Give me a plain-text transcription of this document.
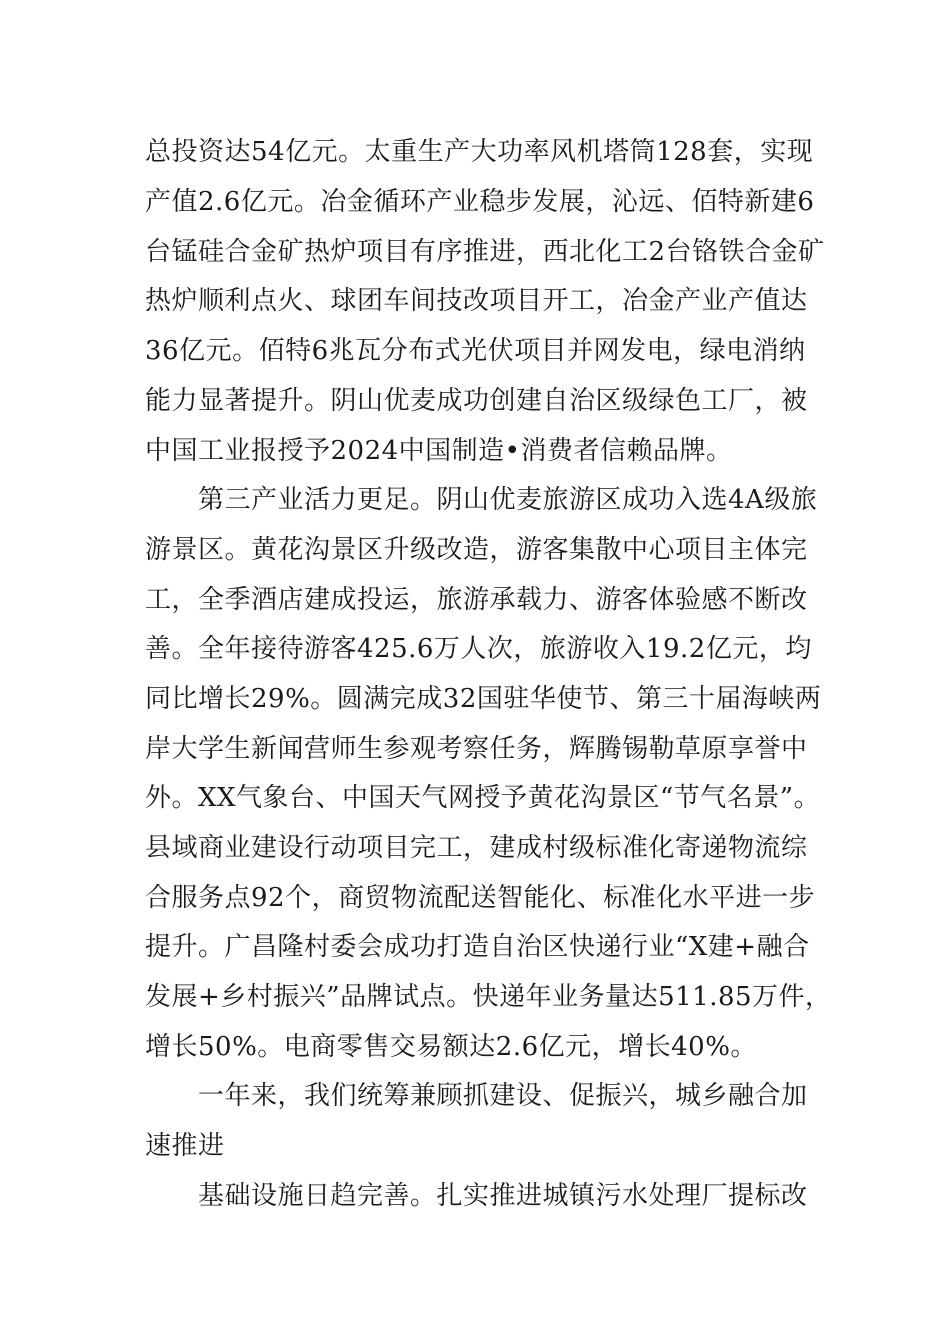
总投资达54亿元。太重生产大功率风机塔筒128套，实现
产值2.6亿元。冶金循环产业稳步发展，沁远、佰特新建6
台锰硅合金矿热炉项目有序推进，西北化工2台铬铁合金矿
热炉顺利点火、球团车间技改项目开工，冶金产业产值达
36亿元。佰特6兆瓦分布式光伏项目并网发电，绿电消纳
能力显著提升。阴山优麦成功创建自治区级绿色工厂，被
中国工业报授予2024中国制造•消费者信赖品牌。
第三产业活力更足。阴山优麦旅游区成功入选4A级旅
游景区。黄花沟景区升级改造，游客集散中心项目主体完
工，全季酒店建成投运，旅游承载力、游客体验感不断改
善。全年接待游客425.6万人次，旅游收入19.2亿元，均
同比增长29%。圆满完成32国驻华使节、第三十届海峡两
岸大学生新闻营师生参观考察任务，辉腾锡勒草原享誉中
外。XX气象台、中国天气网授予黄花沟景区“节气名景”。
县域商业建设行动项目完工，建成村级标准化寄递物流综
合服务点92个，商贸物流配送智能化、标准化水平进一步
提升。广昌隆村委会成功打造自治区快递行业“X建+融合
发展+乡村振兴”品牌试点。快递年业务量达511.85万件，
增长50%。电商零售交易额达2.6亿元，增长40%。
一年来，我们统筹兼顾抓建设、促振兴，城乡融合加
速推进
基础设施日趋完善。扎实推进城镇污水处理厂提标改
